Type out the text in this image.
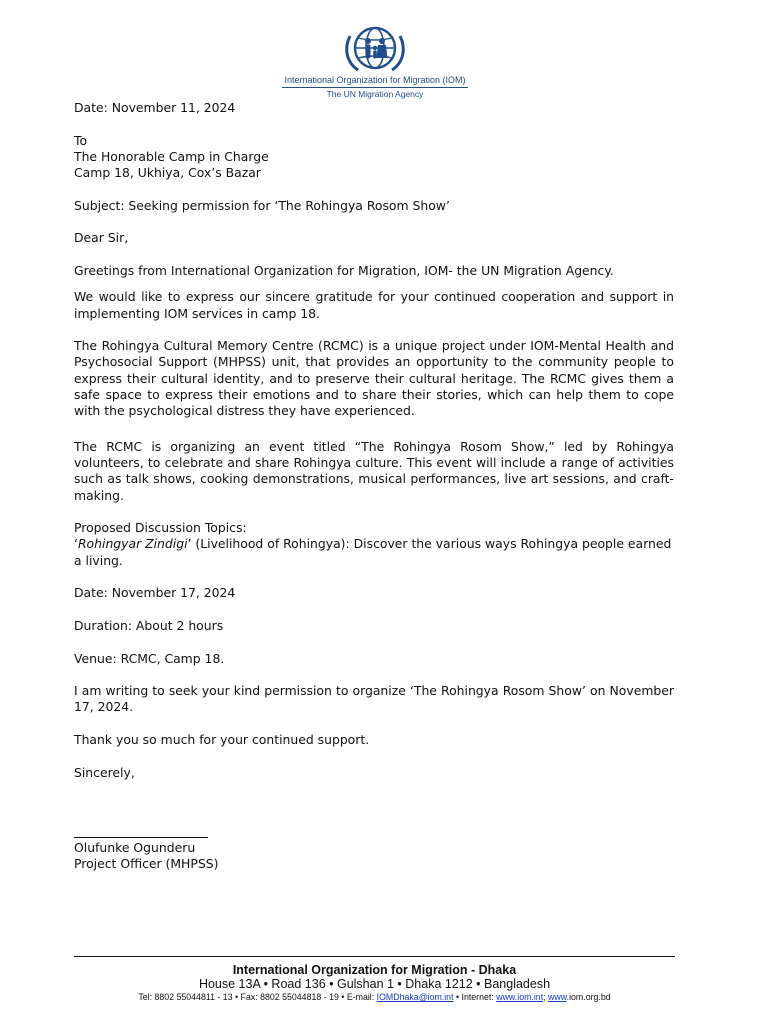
International Organization for Migration (IOM)
The UN Migration Agency

Date: November 11, 2024

To

The Honorable Camp in Charge

Camp 18, Ukhiya, Cox’s Bazar

Subject: Seeking permission for ‘The Rohingya Rosom Show’

Dear Sir,

Greetings from International Organization for Migration, IOM- the UN Migration Agency.

We would like to express our sincere gratitude for your continued cooperation and support in implementing IOM services in camp 18.

The Rohingya Cultural Memory Centre (RCMC) is a unique project under IOM-Mental Health and Psychosocial Support (MHPSS) unit, that provides an opportunity to the community people to express their cultural identity, and to preserve their cultural heritage. The RCMC gives them a safe space to express their emotions and to share their stories, which can help them to cope with the psychological distress they have experienced.

The RCMC is organizing an event titled “The Rohingya Rosom Show,” led by Rohingya volunteers, to celebrate and share Rohingya culture. This event will include a range of activities such as talk shows, cooking demonstrations, musical performances, live art sessions, and craft-making.

Proposed Discussion Topics:

‘Rohingyar Zindigi’ (Livelihood of Rohingya): Discover the various ways Rohingya people earned a living.

Date: November 17, 2024

Duration: About 2 hours

Venue: RCMC, Camp 18.

I am writing to seek your kind permission to organize ‘The Rohingya Rosom Show’ on November 17, 2024.

Thank you so much for your continued support.

Sincerely,

Olufunke Ogunderu

Project Officer (MHPSS)

International Organization for Migration - Dhaka
House 13A • Road 136 • Gulshan 1 • Dhaka 1212 • Bangladesh
Tel: 8802 55044811 - 13 • Fax: 8802 55044818 - 19 • E-mail: IOMDhaka@iom.int • Internet: www.iom.int; www.iom.org.bd
